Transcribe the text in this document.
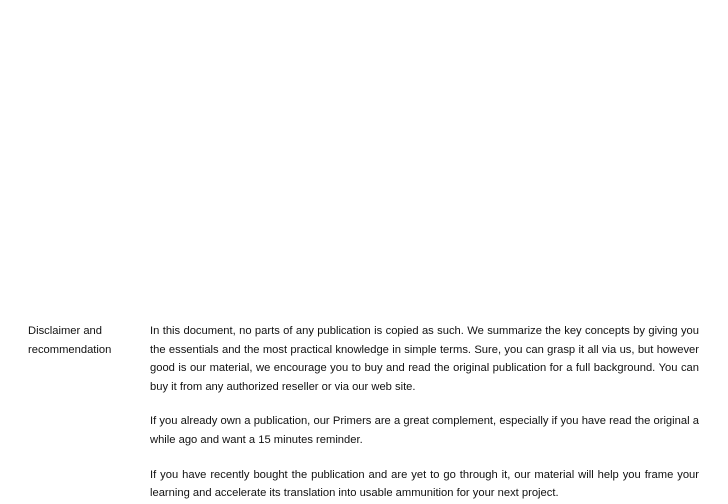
Disclaimer and
recommendation

In this document, no parts of any publication is copied as such. We summarize the key concepts by giving you the essentials and the most practical knowledge in simple terms. Sure, you can grasp it all via us, but however good is our material, we encourage you to buy and read the original publication for a full background. You can buy it from any authorized reseller or via our web site.

If you already own a publication, our Primers are a great complement, especially if you have read the original a while ago and want a 15 minutes reminder.

If you have recently bought the publication and are yet to go through it, our material will help you frame your learning and accelerate its translation into usable ammunition for your next project.
